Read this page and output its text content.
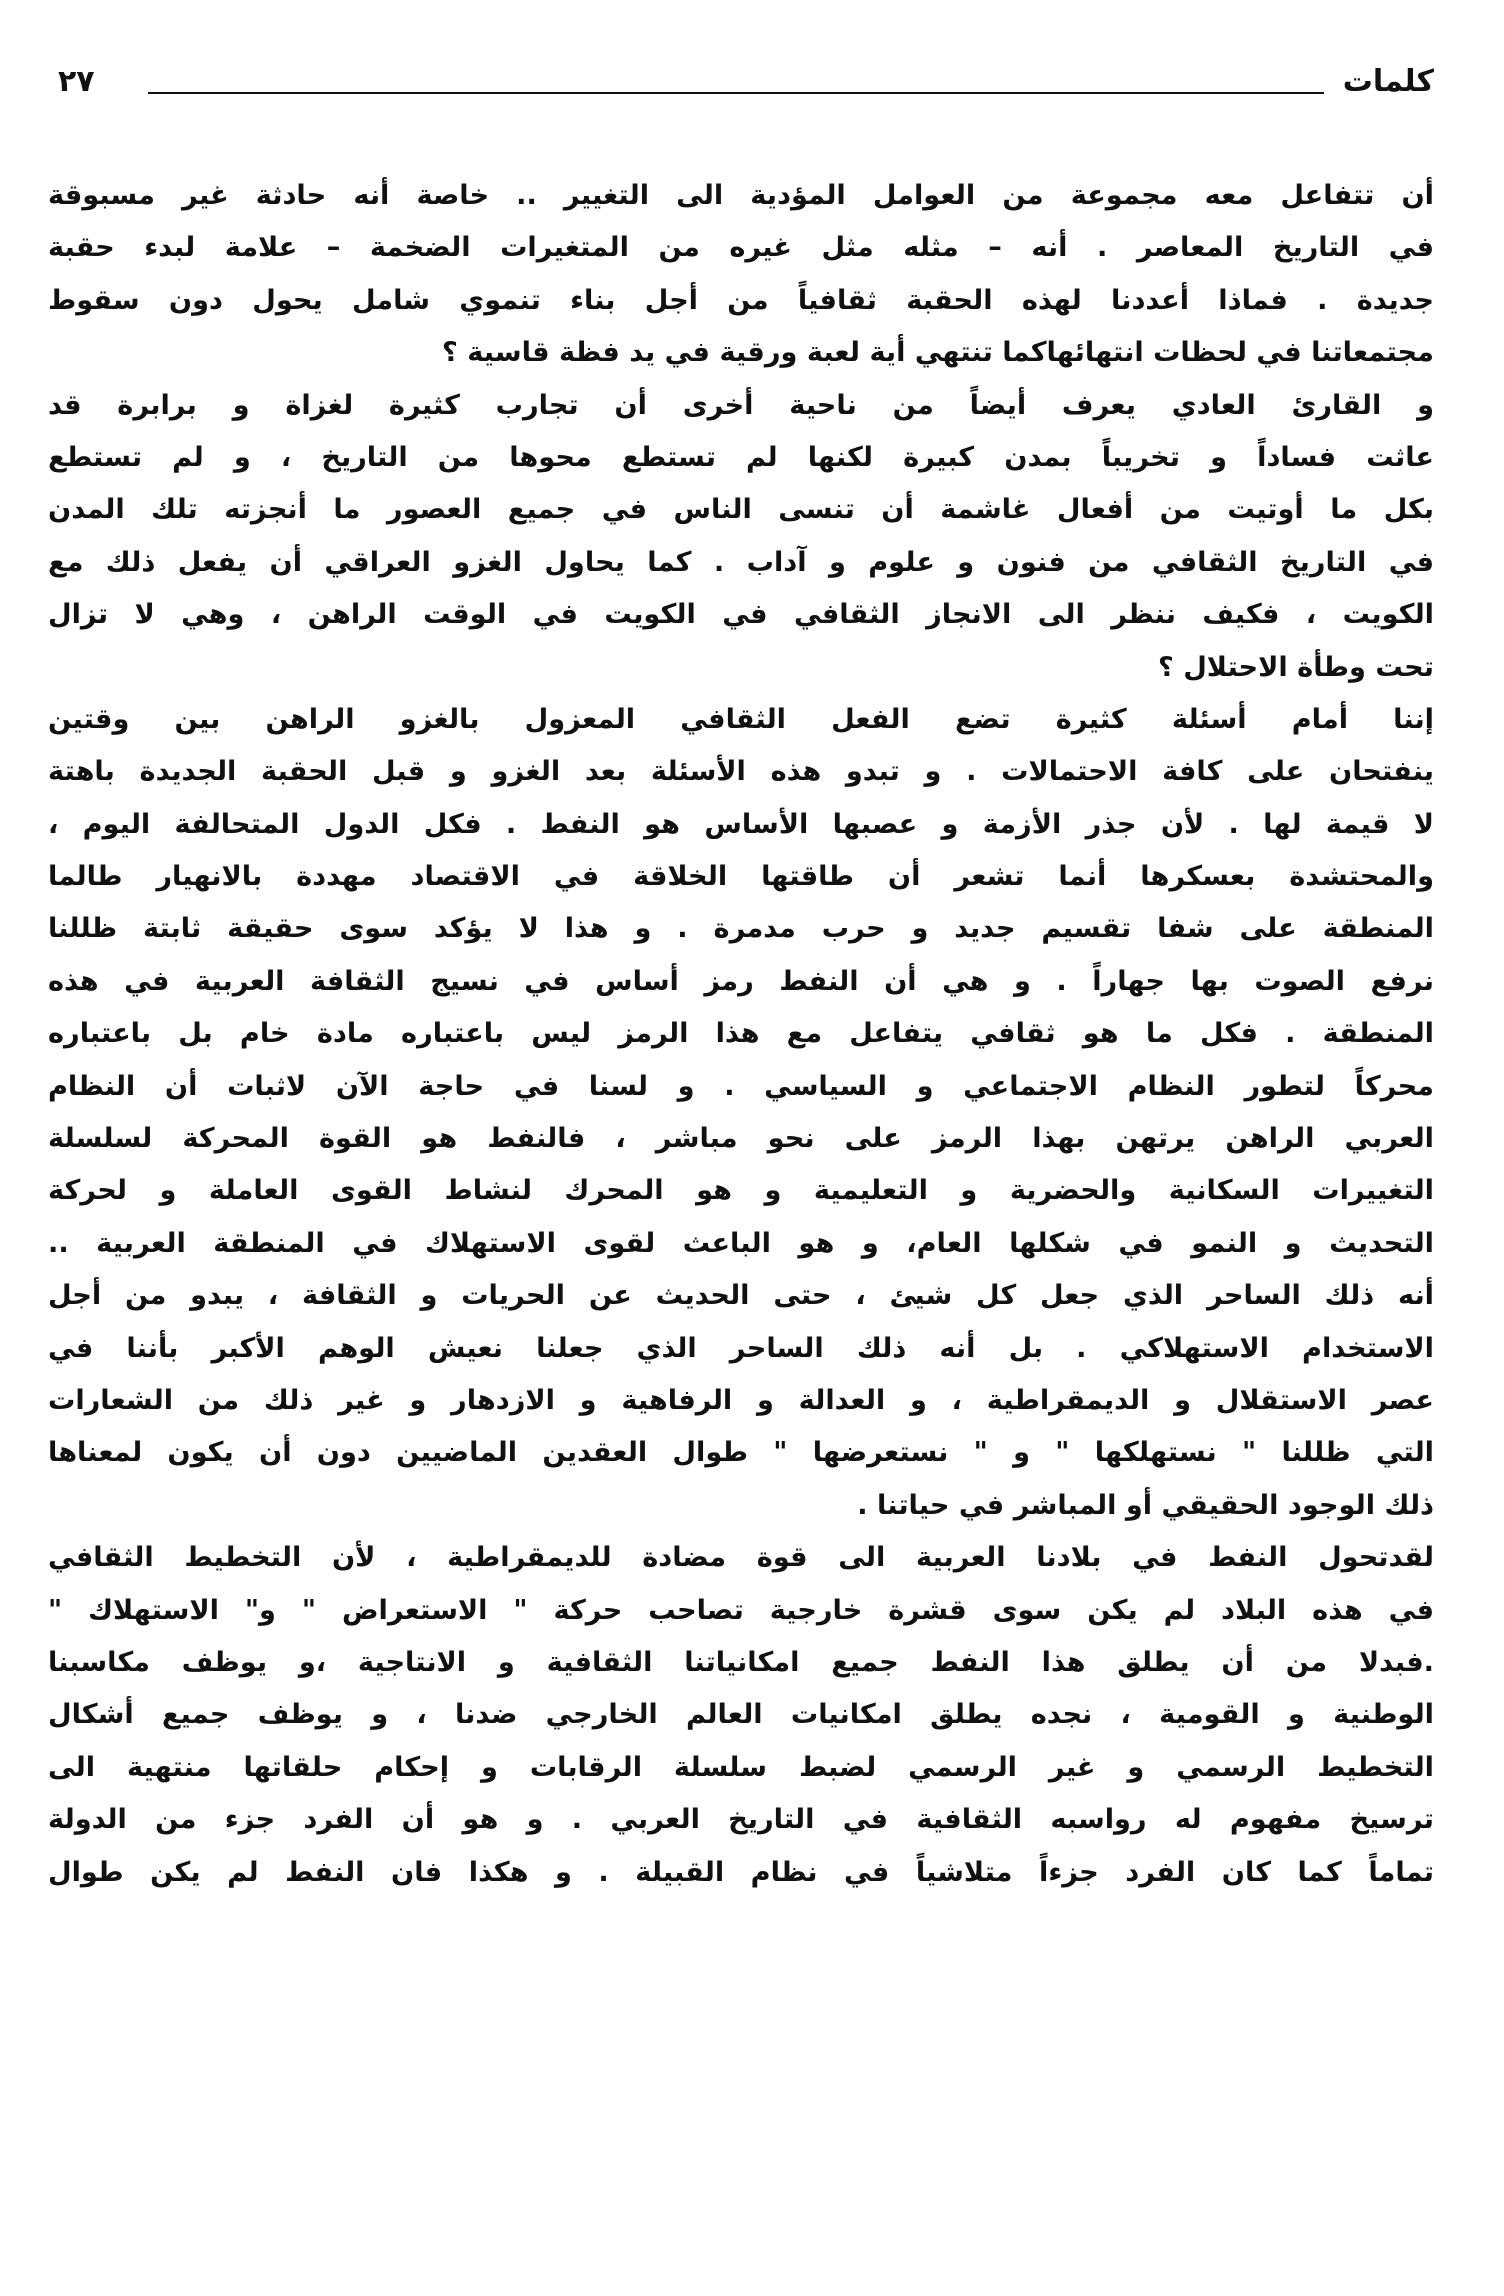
كلمات
٢٧
أن تتفاعل معه مجموعة من العوامل المؤدية الى التغيير .. خاصة أنه حادثة غير مسبوقة
في التاريخ المعاصر . أنه – مثله مثل غيره من المتغيرات الضخمة – علامة لبدء حقبة
جديدة . فماذا أعددنا لهذه الحقبة ثقافياً من أجل بناء تنموي شامل يحول دون سقوط
مجتمعاتنا في لحظات انتهائهاكما تنتهي أية لعبة ورقية في يد فظة قاسية ؟
و القارئ العادي يعرف أيضاً من ناحية أخرى أن تجارب كثيرة لغزاة و برابرة قد
عاثت فساداً و تخريباً بمدن كبيرة لكنها لم تستطع محوها من التاريخ ، و لم تستطع
بكل ما أوتيت من أفعال غاشمة أن تنسى الناس في جميع العصور ما أنجزته تلك المدن
في التاريخ الثقافي من فنون و علوم و آداب . كما يحاول الغزو العراقي أن يفعل ذلك مع
الكويت ، فكيف ننظر الى الانجاز الثقافي في الكويت في الوقت الراهن ، وهي لا تزال
تحت وطأة الاحتلال ؟
إننا أمام أسئلة كثيرة تضع الفعل الثقافي المعزول بالغزو الراهن بين وقتين
ينفتحان على كافة الاحتمالات . و تبدو هذه الأسئلة بعد الغزو و قبل الحقبة الجديدة باهتة
لا قيمة لها . لأن جذر الأزمة و عصبها الأساس هو النفط . فكل الدول المتحالفة اليوم ،
والمحتشدة بعسكرها أنما تشعر أن طاقتها الخلاقة في الاقتصاد مهددة بالانهيار طالما
المنطقة على شفا تقسيم جديد و حرب مدمرة . و هذا لا يؤكد سوى حقيقة ثابتة ظللنا
نرفع الصوت بها جهاراً . و هي أن النفط رمز أساس في نسيج الثقافة العربية في هذه
المنطقة . فكل ما هو ثقافي يتفاعل مع هذا الرمز ليس باعتباره مادة خام بل باعتباره
محركاً لتطور النظام الاجتماعي و السياسي . و لسنا في حاجة الآن لاثبات أن النظام
العربي الراهن يرتهن بهذا الرمز على نحو مباشر ، فالنفط هو القوة المحركة لسلسلة
التغييرات السكانية والحضرية و التعليمية و هو المحرك لنشاط القوى العاملة و لحركة
التحديث و النمو في شكلها العام، و هو الباعث لقوى الاستهلاك في المنطقة العربية ..
أنه ذلك الساحر الذي جعل كل شيئ ، حتى الحديث عن الحريات و الثقافة ، يبدو من أجل
الاستخدام الاستهلاكي . بل أنه ذلك الساحر الذي جعلنا نعيش الوهم الأكبر بأننا في
عصر الاستقلال و الديمقراطية ، و العدالة و الرفاهية و الازدهار و غير ذلك من الشعارات
التي ظللنا " نستهلكها " و " نستعرضها " طوال العقدين الماضيين دون أن يكون لمعناها
ذلك الوجود الحقيقي أو المباشر في حياتنا .
لقدتحول النفط في بلادنا العربية الى قوة مضادة للديمقراطية ، لأن التخطيط الثقافي
في هذه البلاد لم يكن سوى قشرة خارجية تصاحب حركة " الاستعراض " و" الاستهلاك "
.فبدلا من أن يطلق هذا النفط جميع امكانياتنا الثقافية و الانتاجية ،و يوظف مكاسبنا
الوطنية و القومية ، نجده يطلق امكانيات العالم الخارجي ضدنا ، و يوظف جميع أشكال
التخطيط الرسمي و غير الرسمي لضبط سلسلة الرقابات و إحكام حلقاتها منتهية الى
ترسيخ مفهوم له رواسبه الثقافية في التاريخ العربي . و هو أن الفرد جزء من الدولة
تماماً كما كان الفرد جزءاً متلاشياً في نظام القبيلة . و هكذا فان النفط لم يكن طوال
